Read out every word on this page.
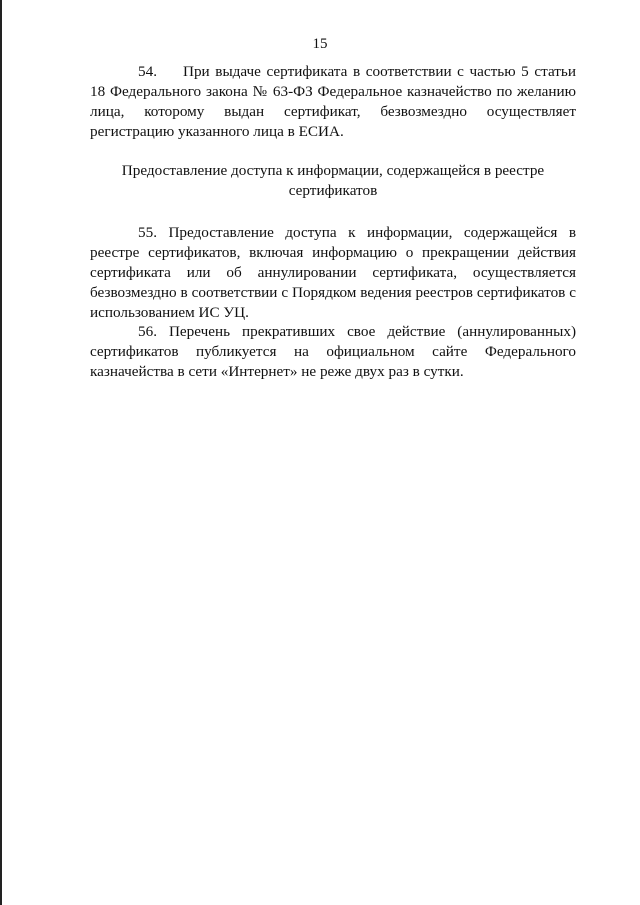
15

54. При выдаче сертификата в соответствии с частью 5 статьи 18 Федерального закона № 63-ФЗ Федеральное казначейство по желанию лица, которому выдан сертификат, безвозмездно осуществляет регистрацию указанного лица в ЕСИА.

Предоставление доступа к информации, содержащейся в реестре сертификатов

55. Предоставление доступа к информации, содержащейся в реестре сертификатов, включая информацию о прекращении действия сертификата или об аннулировании сертификата, осуществляется безвозмездно в соответствии с Порядком ведения реестров сертификатов с использованием ИС УЦ.

56. Перечень прекративших свое действие (аннулированных) сертификатов публикуется на официальном сайте Федерального казначейства в сети «Интернет» не реже двух раз в сутки.
